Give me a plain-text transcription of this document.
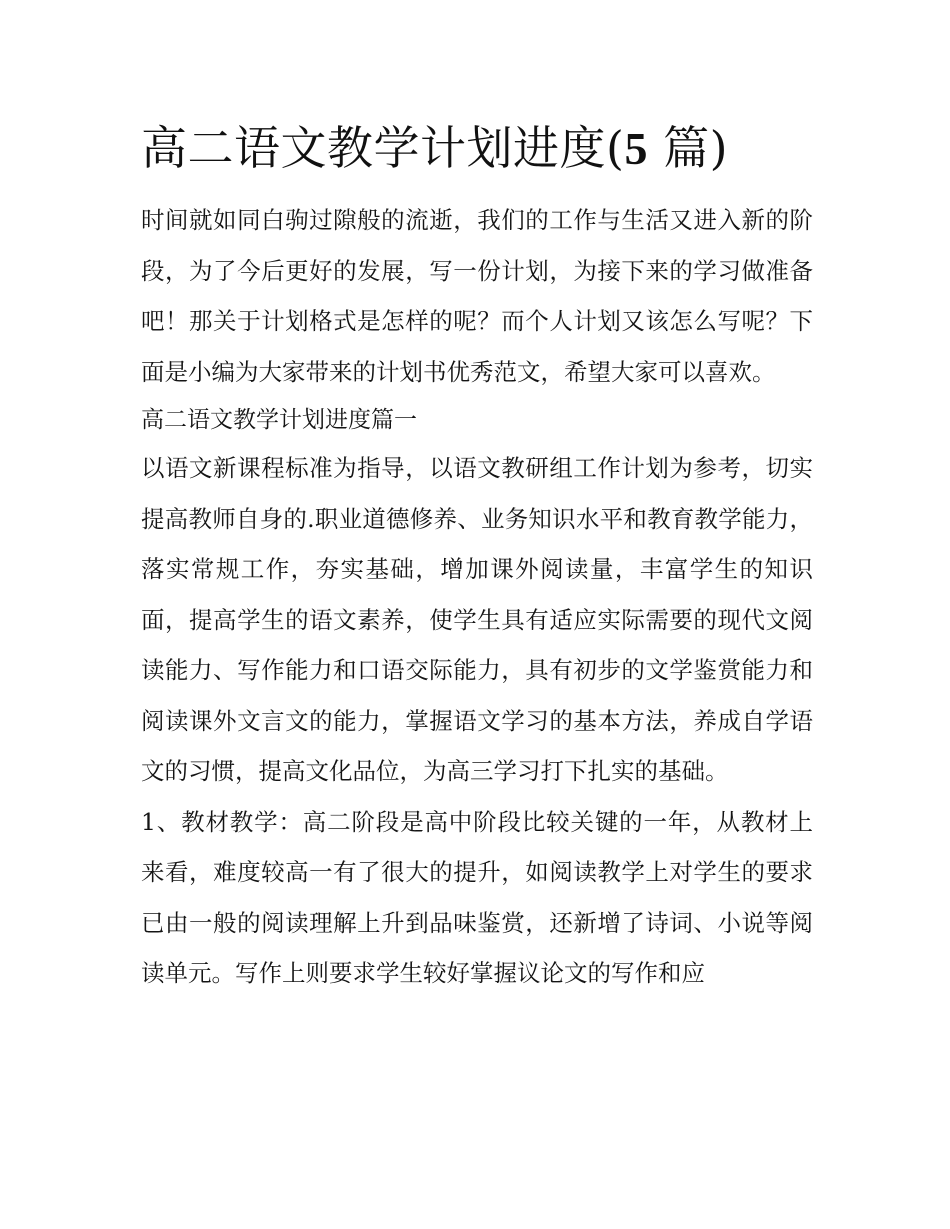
高二语文教学计划进度(5 篇)

时间就如同白驹过隙般的流逝，我们的工作与生活又进入新的阶段，为了今后更好的发展，写一份计划，为接下来的学习做准备吧！那关于计划格式是怎样的呢？而个人计划又该怎么写呢？下面是小编为大家带来的计划书优秀范文，希望大家可以喜欢。

高二语文教学计划进度篇一

以语文新课程标准为指导，以语文教研组工作计划为参考，切实提高教师自身的.职业道德修养、业务知识水平和教育教学能力，落实常规工作，夯实基础，增加课外阅读量，丰富学生的知识面，提高学生的语文素养，使学生具有适应实际需要的现代文阅读能力、写作能力和口语交际能力，具有初步的文学鉴赏能力和阅读课外文言文的能力，掌握语文学习的基本方法，养成自学语文的习惯，提高文化品位，为高三学习打下扎实的基础。

1、教材教学：高二阶段是高中阶段比较关键的一年，从教材上来看，难度较高一有了很大的提升，如阅读教学上对学生的要求已由一般的阅读理解上升到品味鉴赏，还新增了诗词、小说等阅读单元。写作上则要求学生较好掌握议论文的写作和应
